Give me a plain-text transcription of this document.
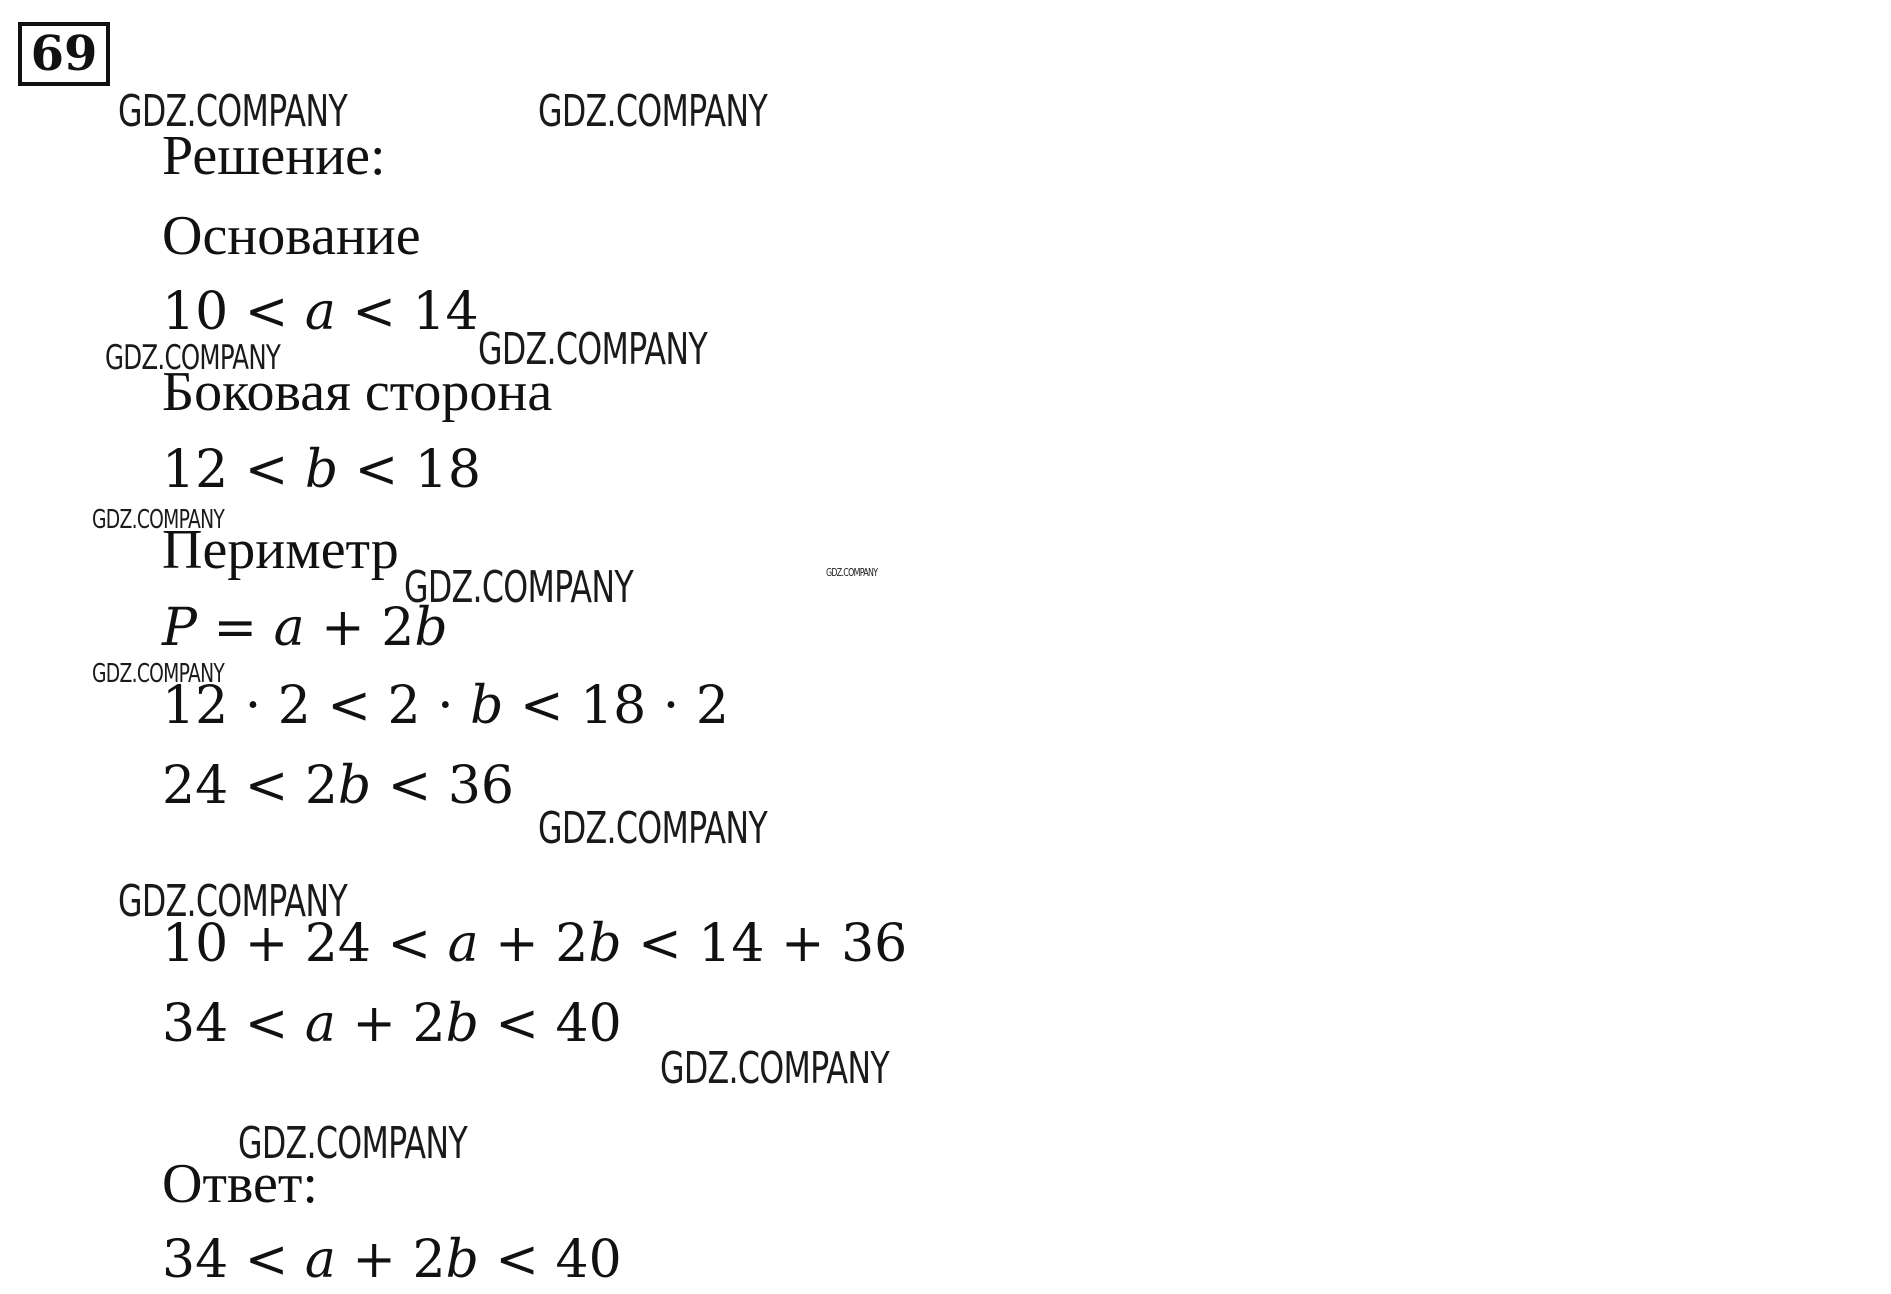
69
GDZ.COMPANY	GDZ.COMPANY
GDZ.COMPANY	GDZ.COMPANY
GDZ.COMPANY
GDZ.COMPANY	GDZ.COMPANY
GDZ.COMPANY
GDZ.COMPANY
GDZ.COMPANY
GDZ.COMPANY
GDZ.COMPANY
Решение:
Основание
10 < a < 14
Боковая сторона
12 < b < 18
Периметр
P = a + 2b
12 · 2 < 2 · b < 18 · 2
24 < 2b < 36
10 + 24 < a + 2b < 14 + 36
34 < a + 2b < 40
Ответ:
34 < a + 2b < 40
